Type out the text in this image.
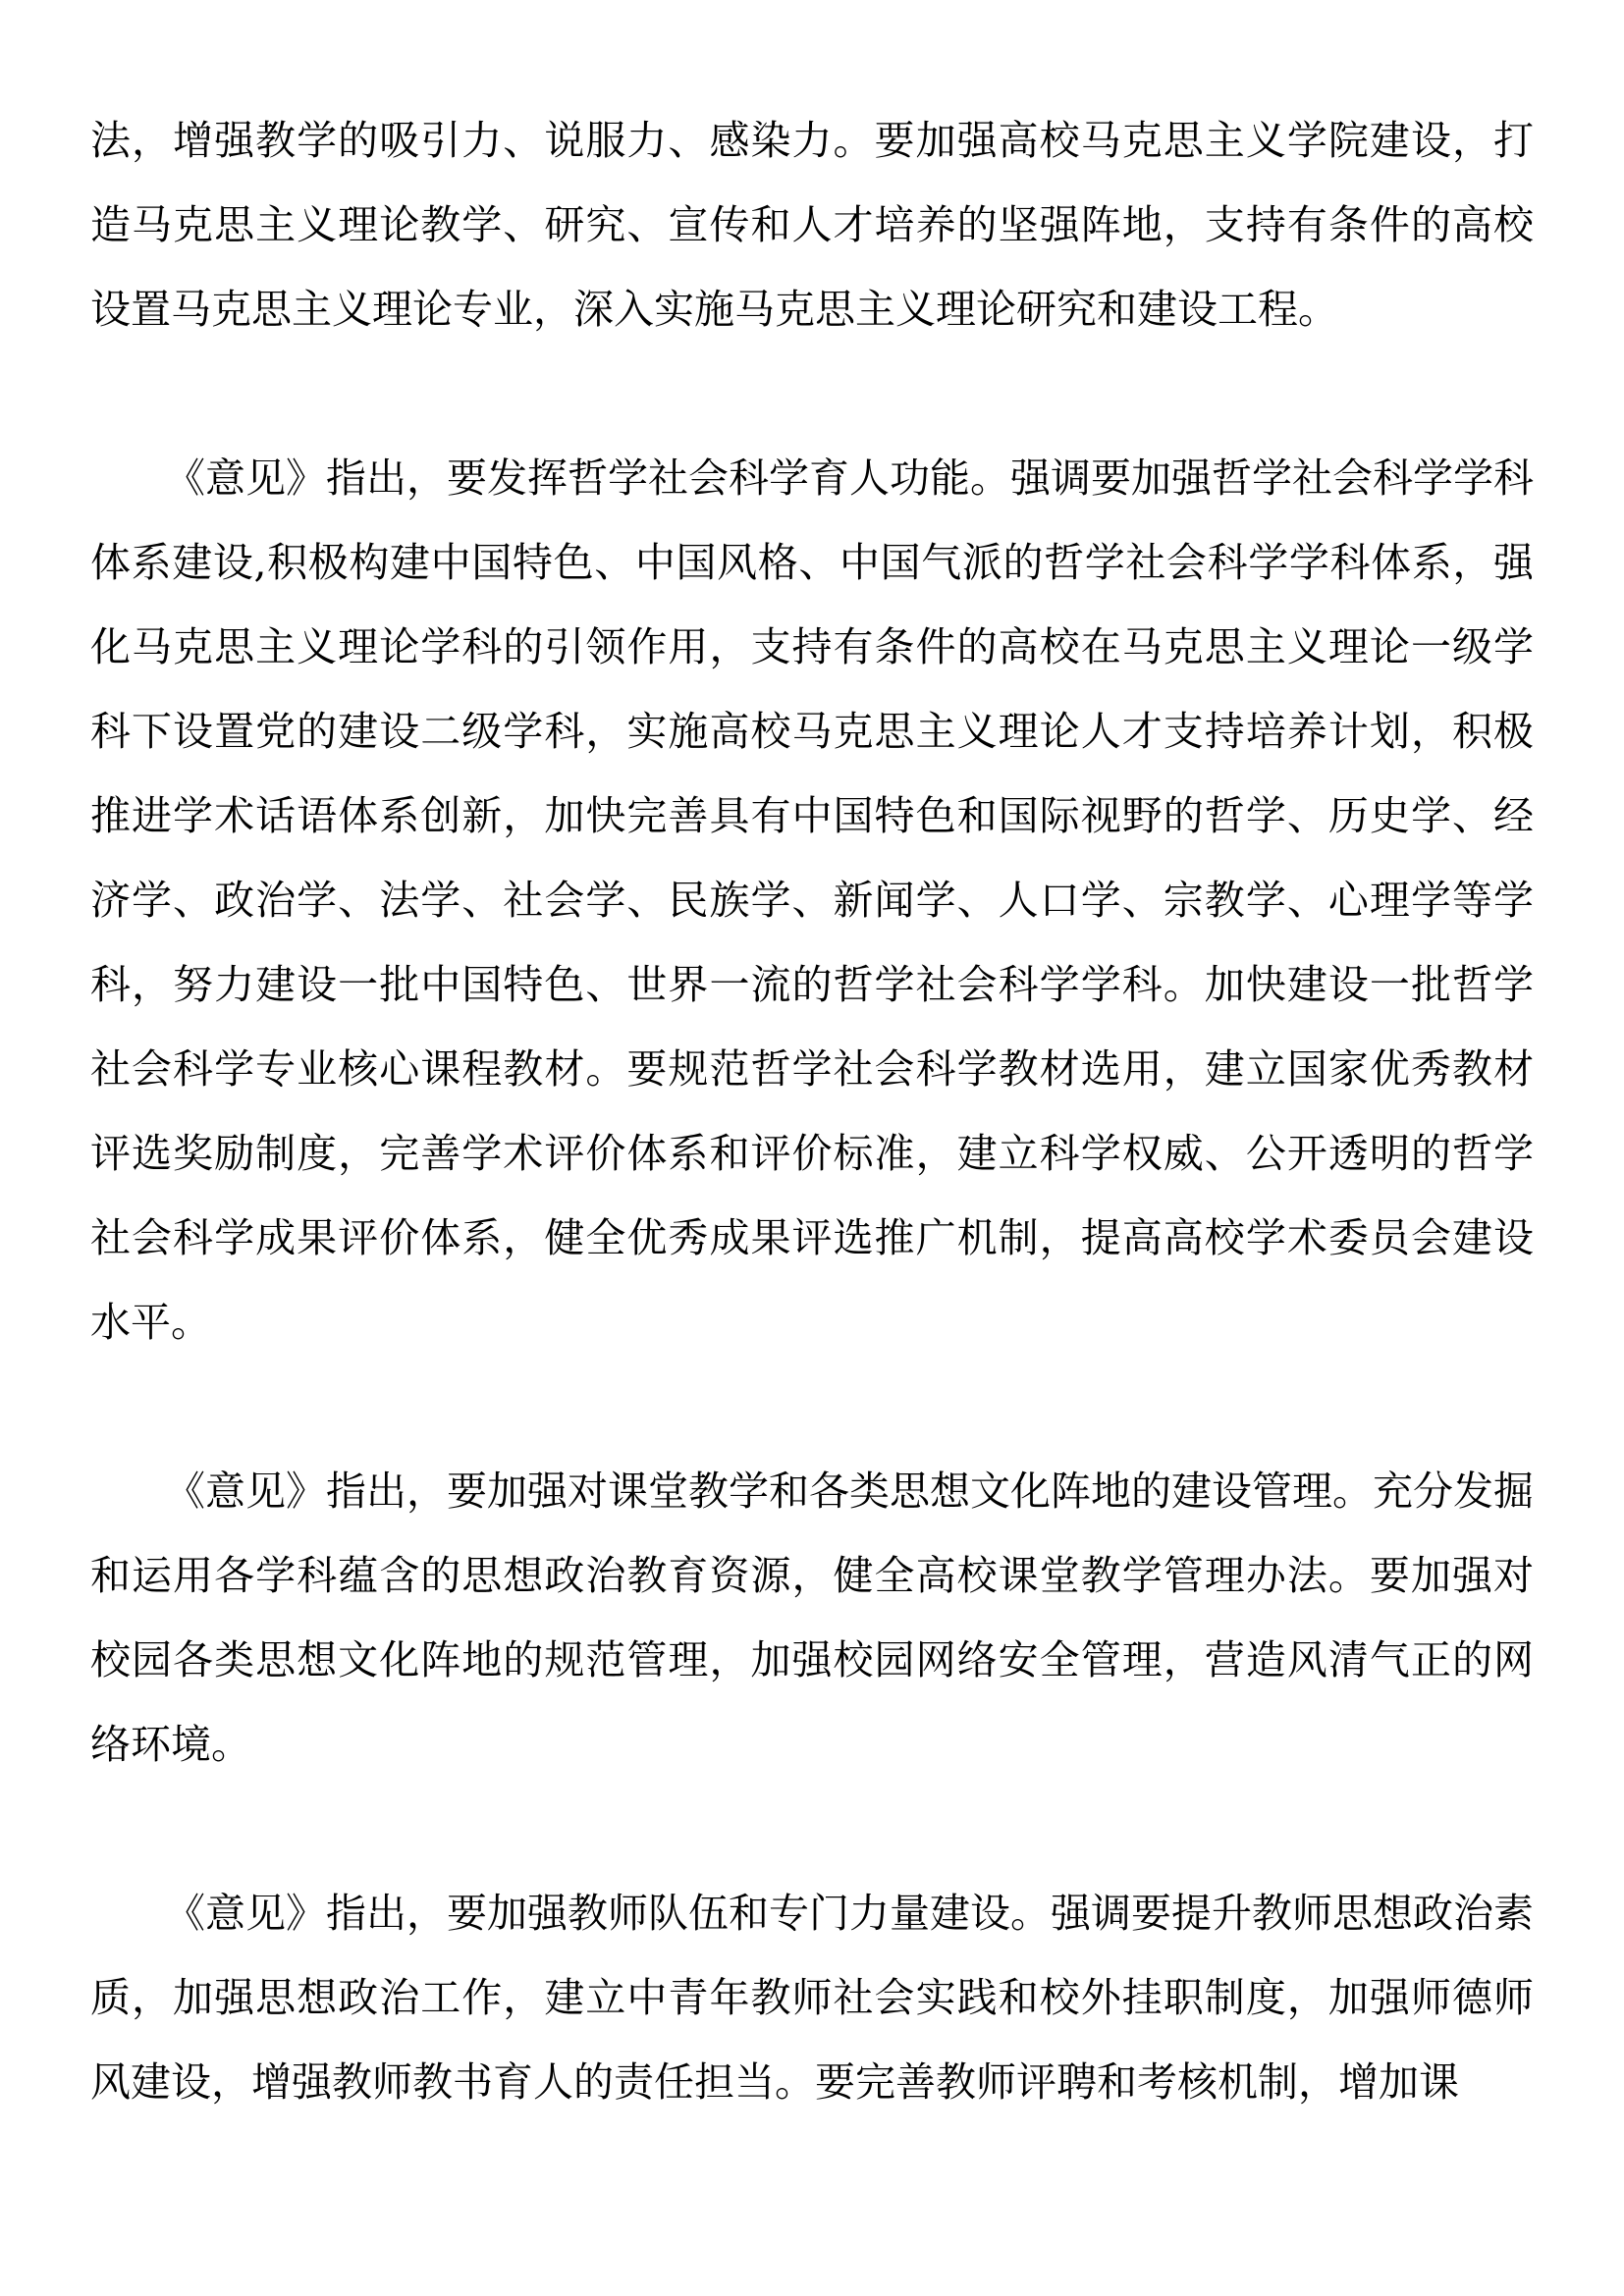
法，增强教学的吸引力、说服力、感染力。要加强高校马克思主义学院建设，打造马克思主义理论教学、研究、宣传和人才培养的坚强阵地，支持有条件的高校设置马克思主义理论专业，深入实施马克思主义理论研究和建设工程。

《意见》指出，要发挥哲学社会科学育人功能。强调要加强哲学社会科学学科体系建设,积极构建中国特色、中国风格、中国气派的哲学社会科学学科体系，强化马克思主义理论学科的引领作用，支持有条件的高校在马克思主义理论一级学科下设置党的建设二级学科，实施高校马克思主义理论人才支持培养计划，积极推进学术话语体系创新，加快完善具有中国特色和国际视野的哲学、历史学、经济学、政治学、法学、社会学、民族学、新闻学、人口学、宗教学、心理学等学科，努力建设一批中国特色、世界一流的哲学社会科学学科。加快建设一批哲学社会科学专业核心课程教材。要规范哲学社会科学教材选用，建立国家优秀教材评选奖励制度，完善学术评价体系和评价标准，建立科学权威、公开透明的哲学社会科学成果评价体系，健全优秀成果评选推广机制，提高高校学术委员会建设水平。

《意见》指出，要加强对课堂教学和各类思想文化阵地的建设管理。充分发掘和运用各学科蕴含的思想政治教育资源，健全高校课堂教学管理办法。要加强对校园各类思想文化阵地的规范管理，加强校园网络安全管理，营造风清气正的网络环境。

《意见》指出，要加强教师队伍和专门力量建设。强调要提升教师思想政治素质，加强思想政治工作，建立中青年教师社会实践和校外挂职制度，加强师德师风建设，增强教师教书育人的责任担当。要完善教师评聘和考核机制，增加课
